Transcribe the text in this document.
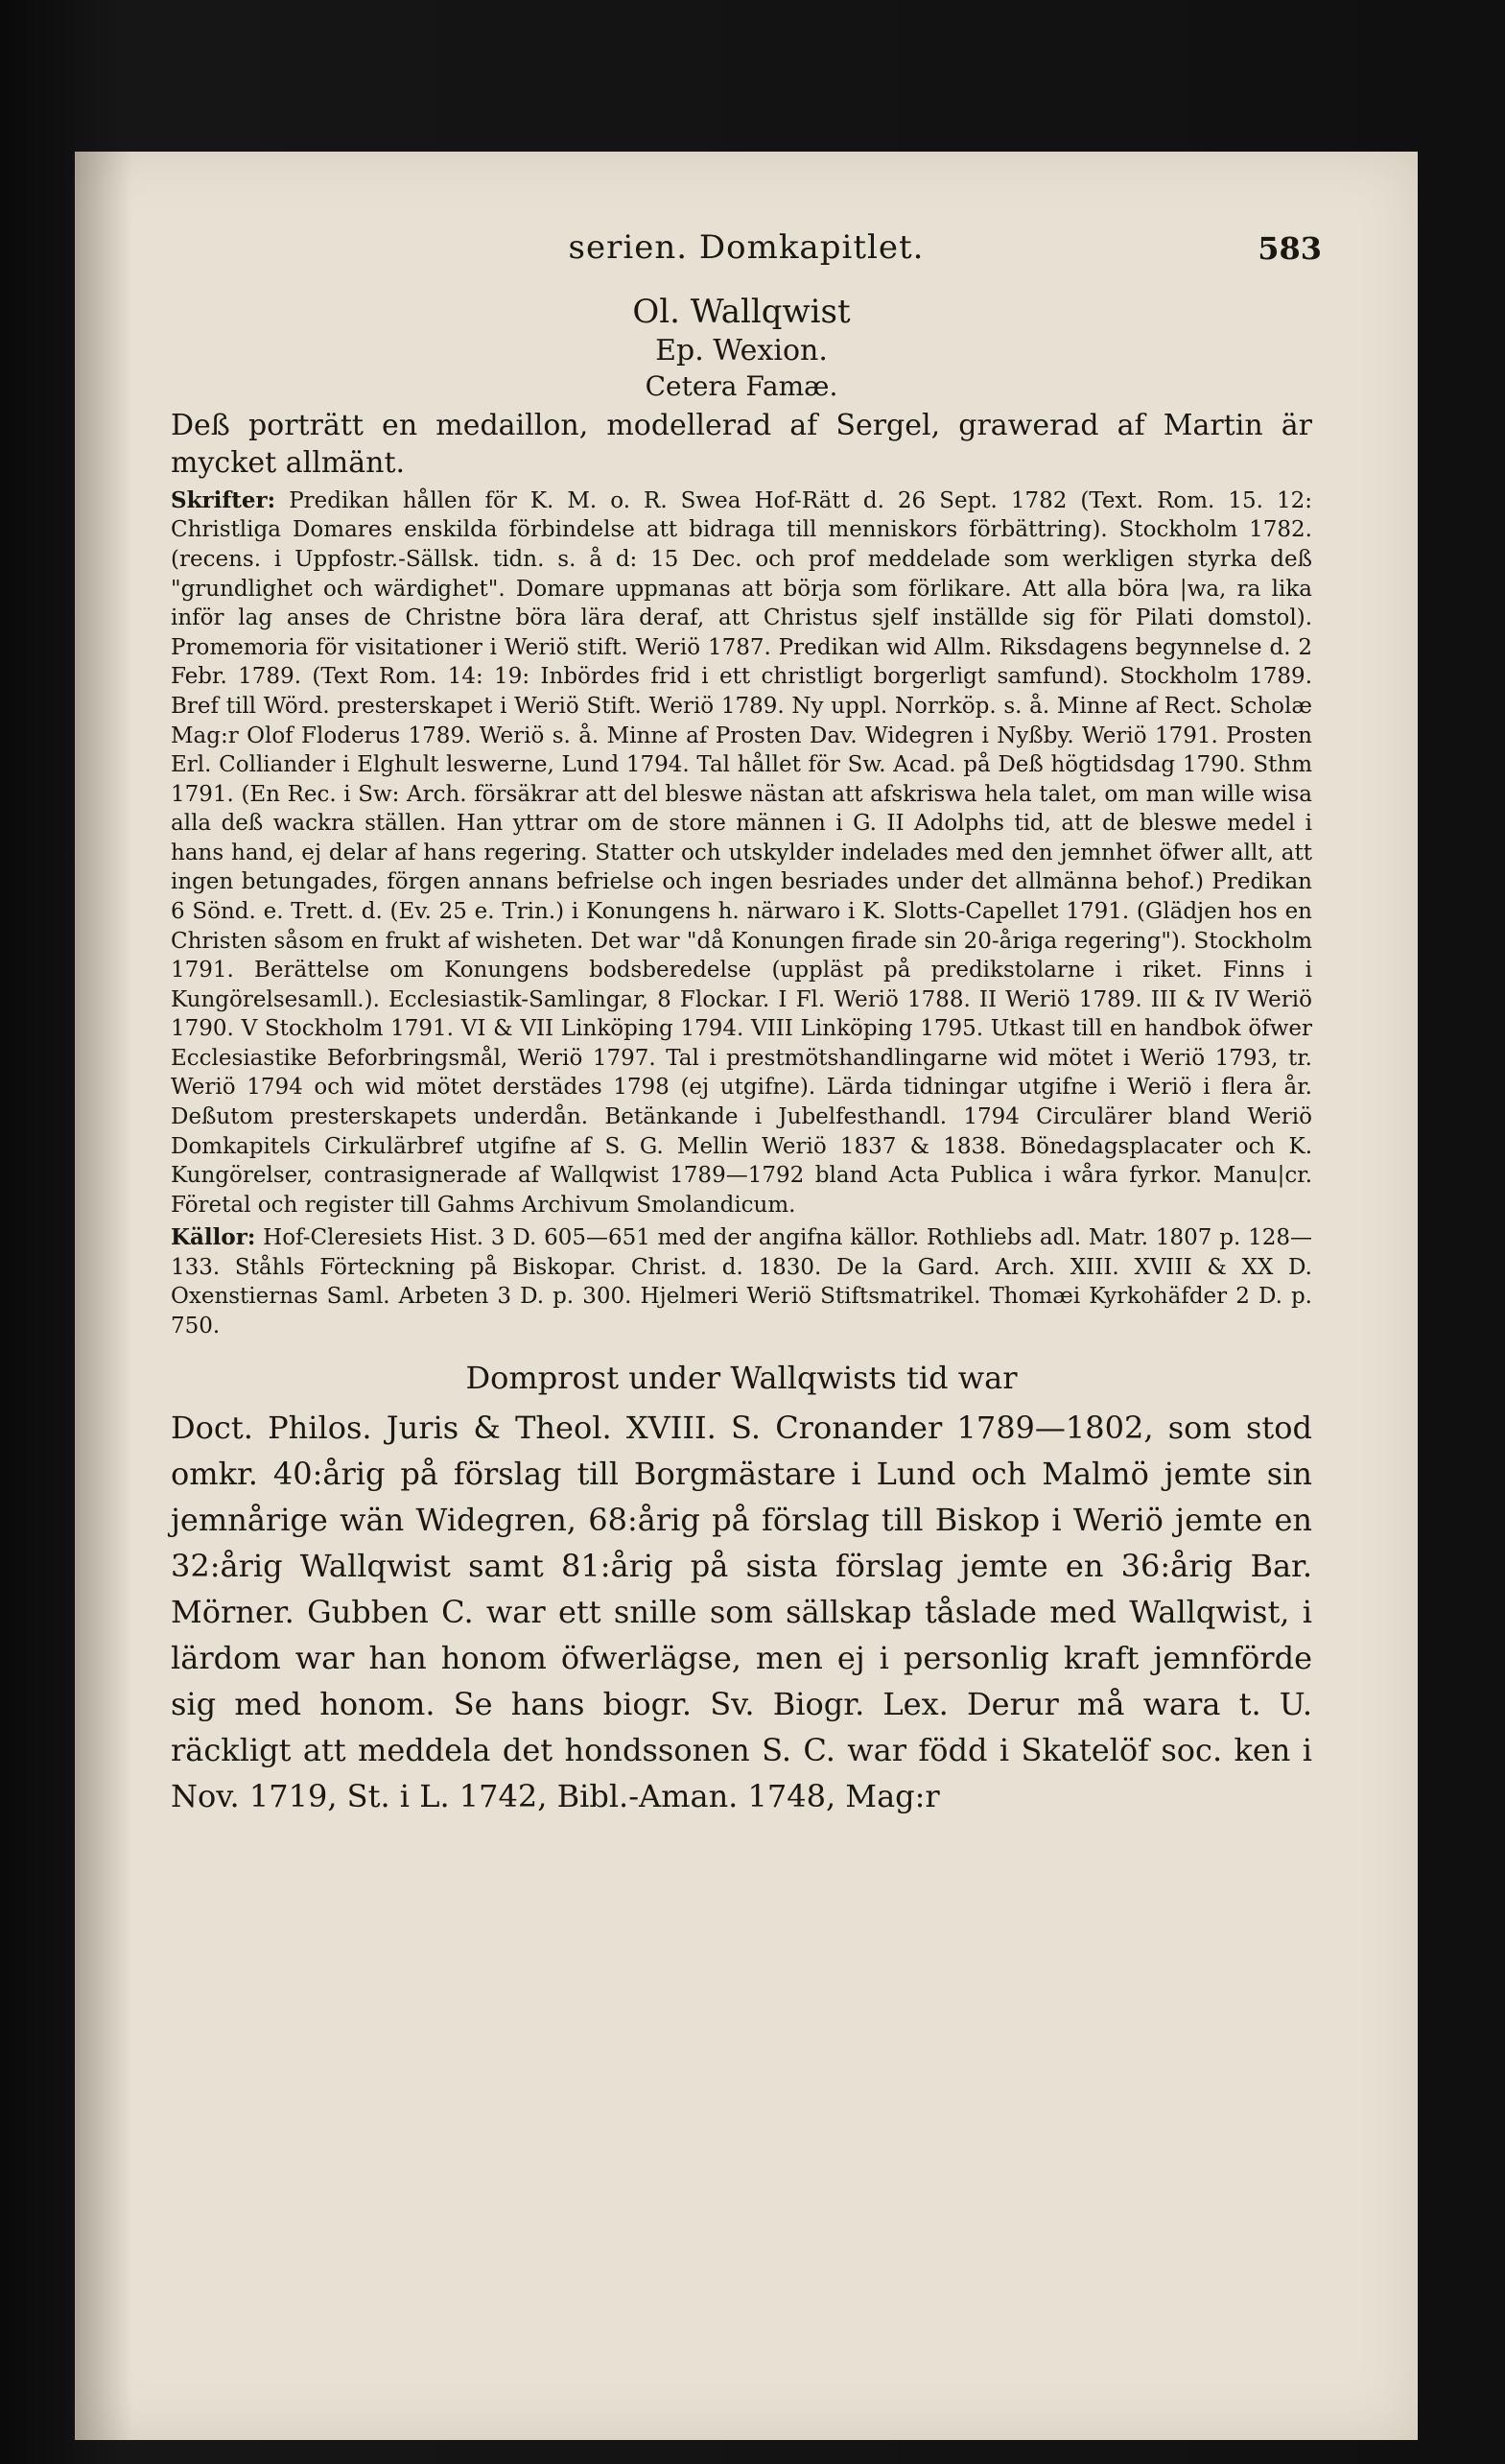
serien. Domkapitlet.	583

Ol. Wallqwist

Ep. Wexion.

Cetera Famæ.

Deß porträtt en medaillon, modellerad af Sergel, grawerad af Martin är mycket allmänt.

Skrifter: Predikan hållen för K. M. o. R. Swea Hof-Rätt d. 26 Sept. 1782 (Text. Rom. 15. 12: Christliga Domares enskilda förbindelse att bidraga till menniskors förbättring). Stockholm 1782. (recens. i Uppfostr.-Sällsk. tidn. s. å d: 15 Dec. och prof meddelade som werkligen styrka deß "grundlighet och wärdighet". Domare uppmanas att börja som förlikare. Att alla böra |wa, ra lika inför lag anses de Christne böra lära deraf, att Christus sjelf inställde sig för Pilati domstol). Promemoria för visitationer i Weriö stift. Weriö 1787. Predikan wid Allm. Riksdagens begynnelse d. 2 Febr. 1789. (Text Rom. 14: 19: Inbördes frid i ett christligt borgerligt samfund). Stockholm 1789. Bref till Wörd. presterskapet i Weriö Stift. Weriö 1789. Ny uppl. Norrköp. s. å. Minne af Rect. Scholæ Mag:r Olof Floderus 1789. Weriö s. å. Minne af Prosten Dav. Widegren i Nyßby. Weriö 1791. Prosten Erl. Colliander i Elghult leswerne, Lund 1794. Tal hållet för Sw. Acad. på Deß högtidsdag 1790. Sthm 1791. (En Rec. i Sw: Arch. försäkrar att del bleswe nästan att afskriswa hela talet, om man wille wisa alla deß wackra ställen. Han yttrar om de store männen i G. II Adolphs tid, att de bleswe medel i hans hand, ej delar af hans regering. Statter och utskylder indelades med den jemnhet öfwer allt, att ingen betungades, förgen annans befrielse och ingen besriades under det allmänna behof.) Predikan 6 Sönd. e. Trett. d. (Ev. 25 e. Trin.) i Konungens h. närwaro i K. Slotts-Capellet 1791. (Glädjen hos en Christen såsom en frukt af wisheten. Det war "då Konungen firade sin 20-åriga regering"). Stockholm 1791. Berättelse om Konungens bodsberedelse (uppläst på predikstolarne i riket. Finns i Kungörelsesamll.). Ecclesiastik-Samlingar, 8 Flockar. I Fl. Weriö 1788. II Weriö 1789. III & IV Weriö 1790. V Stockholm 1791. VI & VII Linköping 1794. VIII Linköping 1795. Utkast till en handbok öfwer Ecclesiastike Beforbringsmål, Weriö 1797. Tal i prestmötshandlingarne wid mötet i Weriö 1793, tr. Weriö 1794 och wid mötet derstädes 1798 (ej utgifne). Lärda tidningar utgifne i Weriö i flera år. Deßutom presterskapets underdån. Betänkande i Jubelfesthandl. 1794 Circulärer bland Weriö Domkapitels Cirkulärbref utgifne af S. G. Mellin Weriö 1837 & 1838. Bönedagsplacater och K. Kungörelser, contrasignerade af Wallqwist 1789—1792 bland Acta Publica i wåra fyrkor. Manu|cr. Företal och register till Gahms Archivum Smolandicum.

Källor: Hof-Cleresiets Hist. 3 D. 605—651 med der angifna källor. Rothliebs adl. Matr. 1807 p. 128—133. Ståhls Förteckning på Biskopar. Christ. d. 1830. De la Gard. Arch. XIII. XVIII & XX D. Oxenstiernas Saml. Arbeten 3 D. p. 300. Hjelmeri Weriö Stiftsmatrikel. Thomæi Kyrkohäfder 2 D. p. 750.

Domprost under Wallqwists tid war

Doct. Philos. Juris & Theol. XVIII. S. Cronander 1789—1802, som stod omkr. 40:årig på förslag till Borgmästare i Lund och Malmö jemte sin jemnårige wän Widegren, 68:årig på förslag till Biskop i Weriö jemte en 32:årig Wallqwist samt 81:årig på sista förslag jemte en 36:årig Bar. Mörner. Gubben C. war ett snille som sällskap tåslade med Wallqwist, i lärdom war han honom öfwerlägse, men ej i personlig kraft jemnförde sig med honom. Se hans biogr. Sv. Biogr. Lex. Derur må wara t. U. räckligt att meddela det hondssonen S. C. war född i Skatelöf soc. ken i Nov. 1719, St. i L. 1742, Bibl.-Aman. 1748, Mag:r
